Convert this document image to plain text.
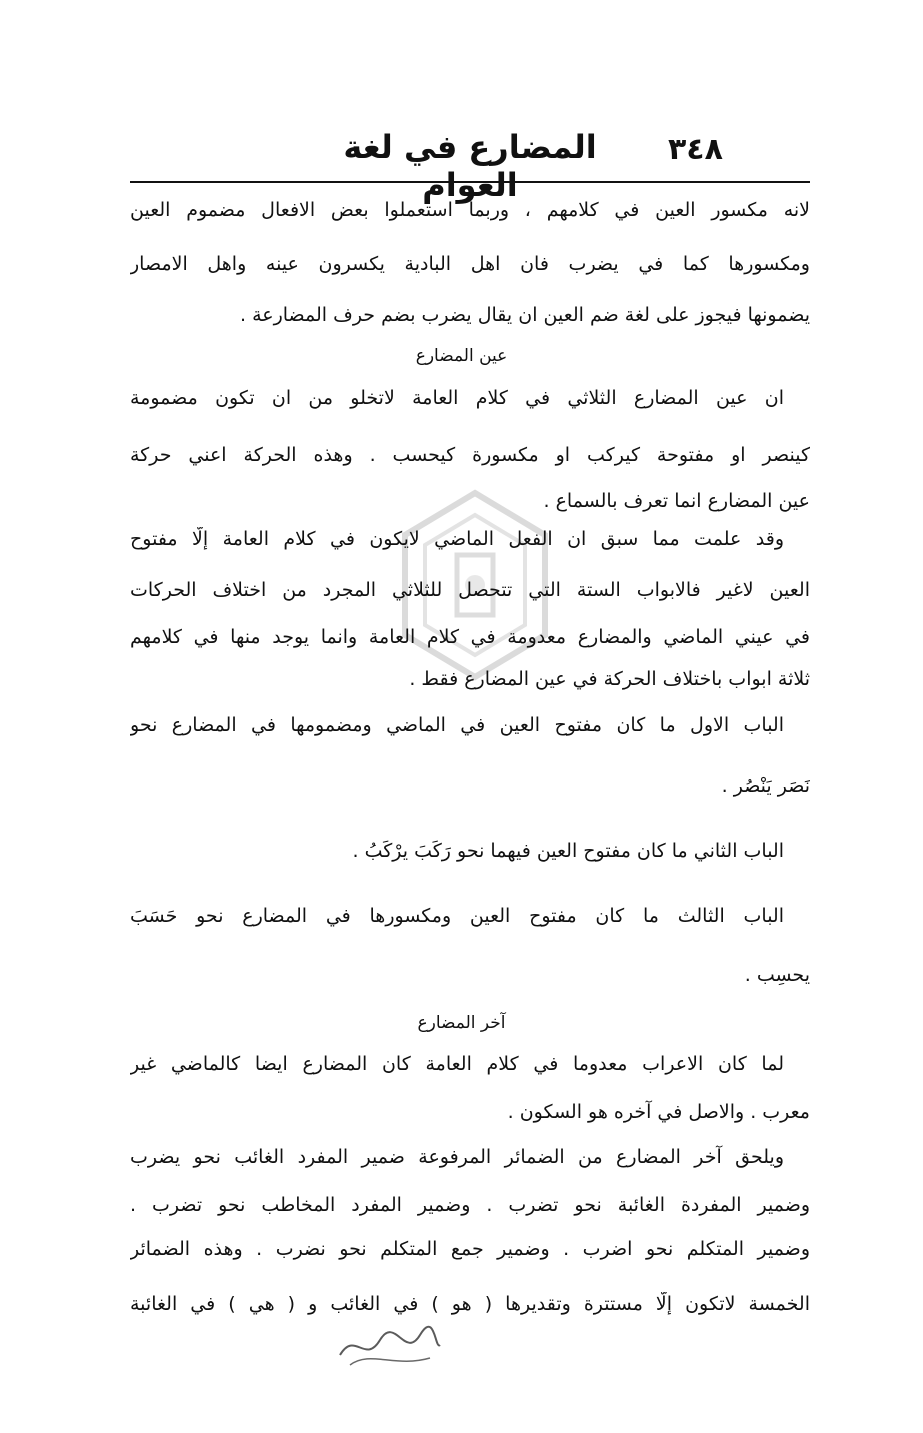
المضارع في لغة العوام
٣٤٨
لانه مكسور العين في كلامهم ، وربما استعملوا بعض الافعال مضموم العين
ومكسورها كما في يضرب فان اهل البادية يكسرون عينه واهل الامصار
يضمونها فيجوز على لغة ضم العين ان يقال يضرب بضم حرف المضارعة .
عين المضارع
ان عين المضارع الثلاثي في كلام العامة لاتخلو من ان تكون مضمومة
كينصر او مفتوحة كيركب او مكسورة كيحسب . وهذه الحركة اعني حركة
عين المضارع انما تعرف بالسماع .
وقد علمت مما سبق ان الفعل الماضي لايكون في كلام العامة إلّا مفتوح
العين لاغير فالابواب الستة التي تتحصل للثلاثي المجرد من اختلاف الحركات
في عيني الماضي والمضارع معدومة في كلام العامة وانما يوجد منها في كلامهم
ثلاثة ابواب باختلاف الحركة في عين المضارع فقط .
الباب الاول ما كان مفتوح العين في الماضي ومضمومها في المضارع نحو
نَصَر يَنْصُر .
الباب الثاني ما كان مفتوح العين فيهما نحو رَكَبَ يرْكَبُ .
الباب الثالث ما كان مفتوح العين ومكسورها في المضارع نحو حَسَبَ
يحسِب .
آخر المضارع
لما كان الاعراب معدوما في كلام العامة كان المضارع ايضا كالماضي غير
معرب . والاصل في آخره هو السكون .
ويلحق آخر المضارع من الضمائر المرفوعة ضمير المفرد الغائب نحو يضرب
وضمير المفردة الغائبة نحو تضرب . وضمير المفرد المخاطب نحو تضرب .
وضمير المتكلم نحو اضرب . وضمير جمع المتكلم نحو نضرب . وهذه الضمائر
الخمسة لاتكون إلّا مستترة وتقديرها ( هو ) في الغائب و ( هي ) في الغائبة
